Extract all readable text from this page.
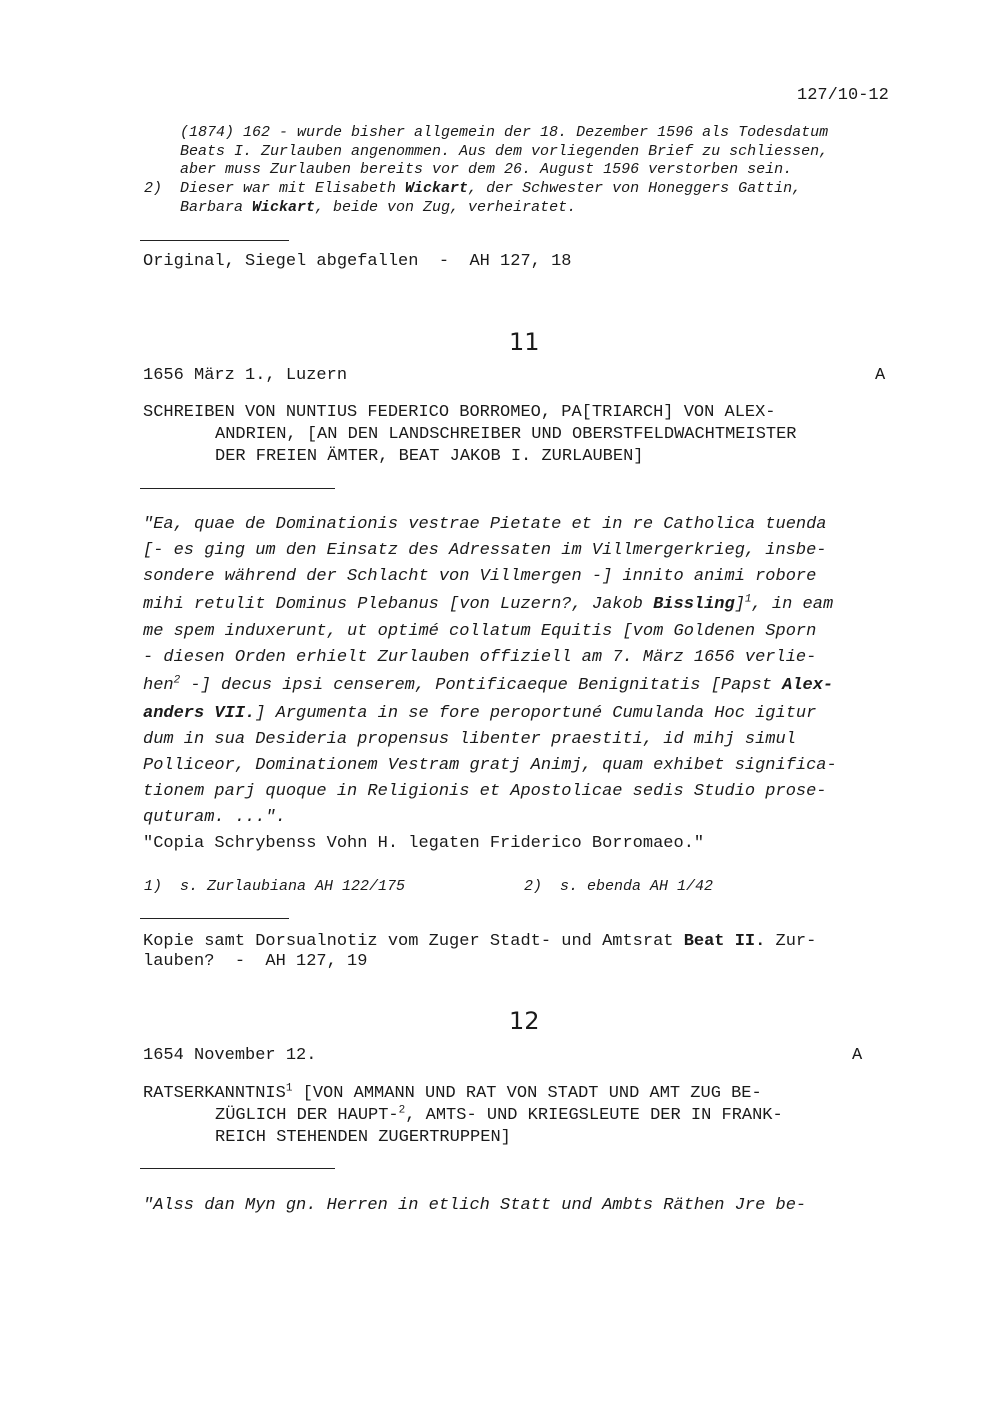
127/10-12
(1874) 162 - wurde bisher allgemein der 18. Dezember 1596 als Todesdatum
Beats I. Zurlauben angenommen. Aus dem vorliegenden Brief zu schliessen,
aber muss Zurlauben bereits vor dem 26. August 1596 verstorben sein.
2) Dieser war mit Elisabeth Wickart, der Schwester von Honeggers Gattin,
Barbara Wickart, beide von Zug, verheiratet.
Original, Siegel abgefallen  -  AH 127, 18
11
1656 März 1., Luzern	A
SCHREIBEN VON NUNTIUS FEDERICO BORROMEO, PA[TRIARCH] VON ALEX-
ANDRIEN, [AN DEN LANDSCHREIBER UND OBERSTFELDWACHTMEISTER
DER FREIEN ÄMTER, BEAT JAKOB I. ZURLAUBEN]
"Ea, quae de Dominationis vestrae Pietate et in re Catholica tuenda
[- es ging um den Einsatz des Adressaten im Villmergerkrieg, insbe-
sondere während der Schlacht von Villmergen -] innito animi robore
mihi retulit Dominus Plebanus [von Luzern?, Jakob Bissling]$^1$, in eam
me spem induxerunt, ut optimé collatum Equitis [vom Goldenen Sporn
- diesen Orden erhielt Zurlauben offiziell am 7. März 1656 verlie-
hen$^2$ -] decus ipsi censerem, Pontificaeque Benignitatis [Papst Alex-
anders VII.] Argumenta in se fore peroportuné Cumulanda Hoc igitur
dum in sua Desideria propensus libenter praestiti, id mihj simul
Polliceor, Dominationem Vestram gratj Animj, quam exhibet significa-
tionem parj quoque in Religionis et Apostolicae sedis Studio prose-
quturam. ...".
"Copia Schrybenss Vohn H. legaten Friderico Borromaeo."
1)  s. Zurlaubiana AH 122/175	2)  s. ebenda AH 1/42
Kopie samt Dorsualnotiz vom Zuger Stadt- und Amtsrat Beat II. Zur-
lauben?  -  AH 127, 19
12
1654 November 12.	A
RATSERKANNTNIS$^1$ [VON AMMANN UND RAT VON STADT UND AMT ZUG BE-
ZÜGLICH DER HAUPT-$^2$, AMTS- UND KRIEGSLEUTE DER IN FRANK-
REICH STEHENDEN ZUGERTRUPPEN]
"Alss dan Myn gn. Herren in etlich Statt und Ambts Räthen Jre be-
